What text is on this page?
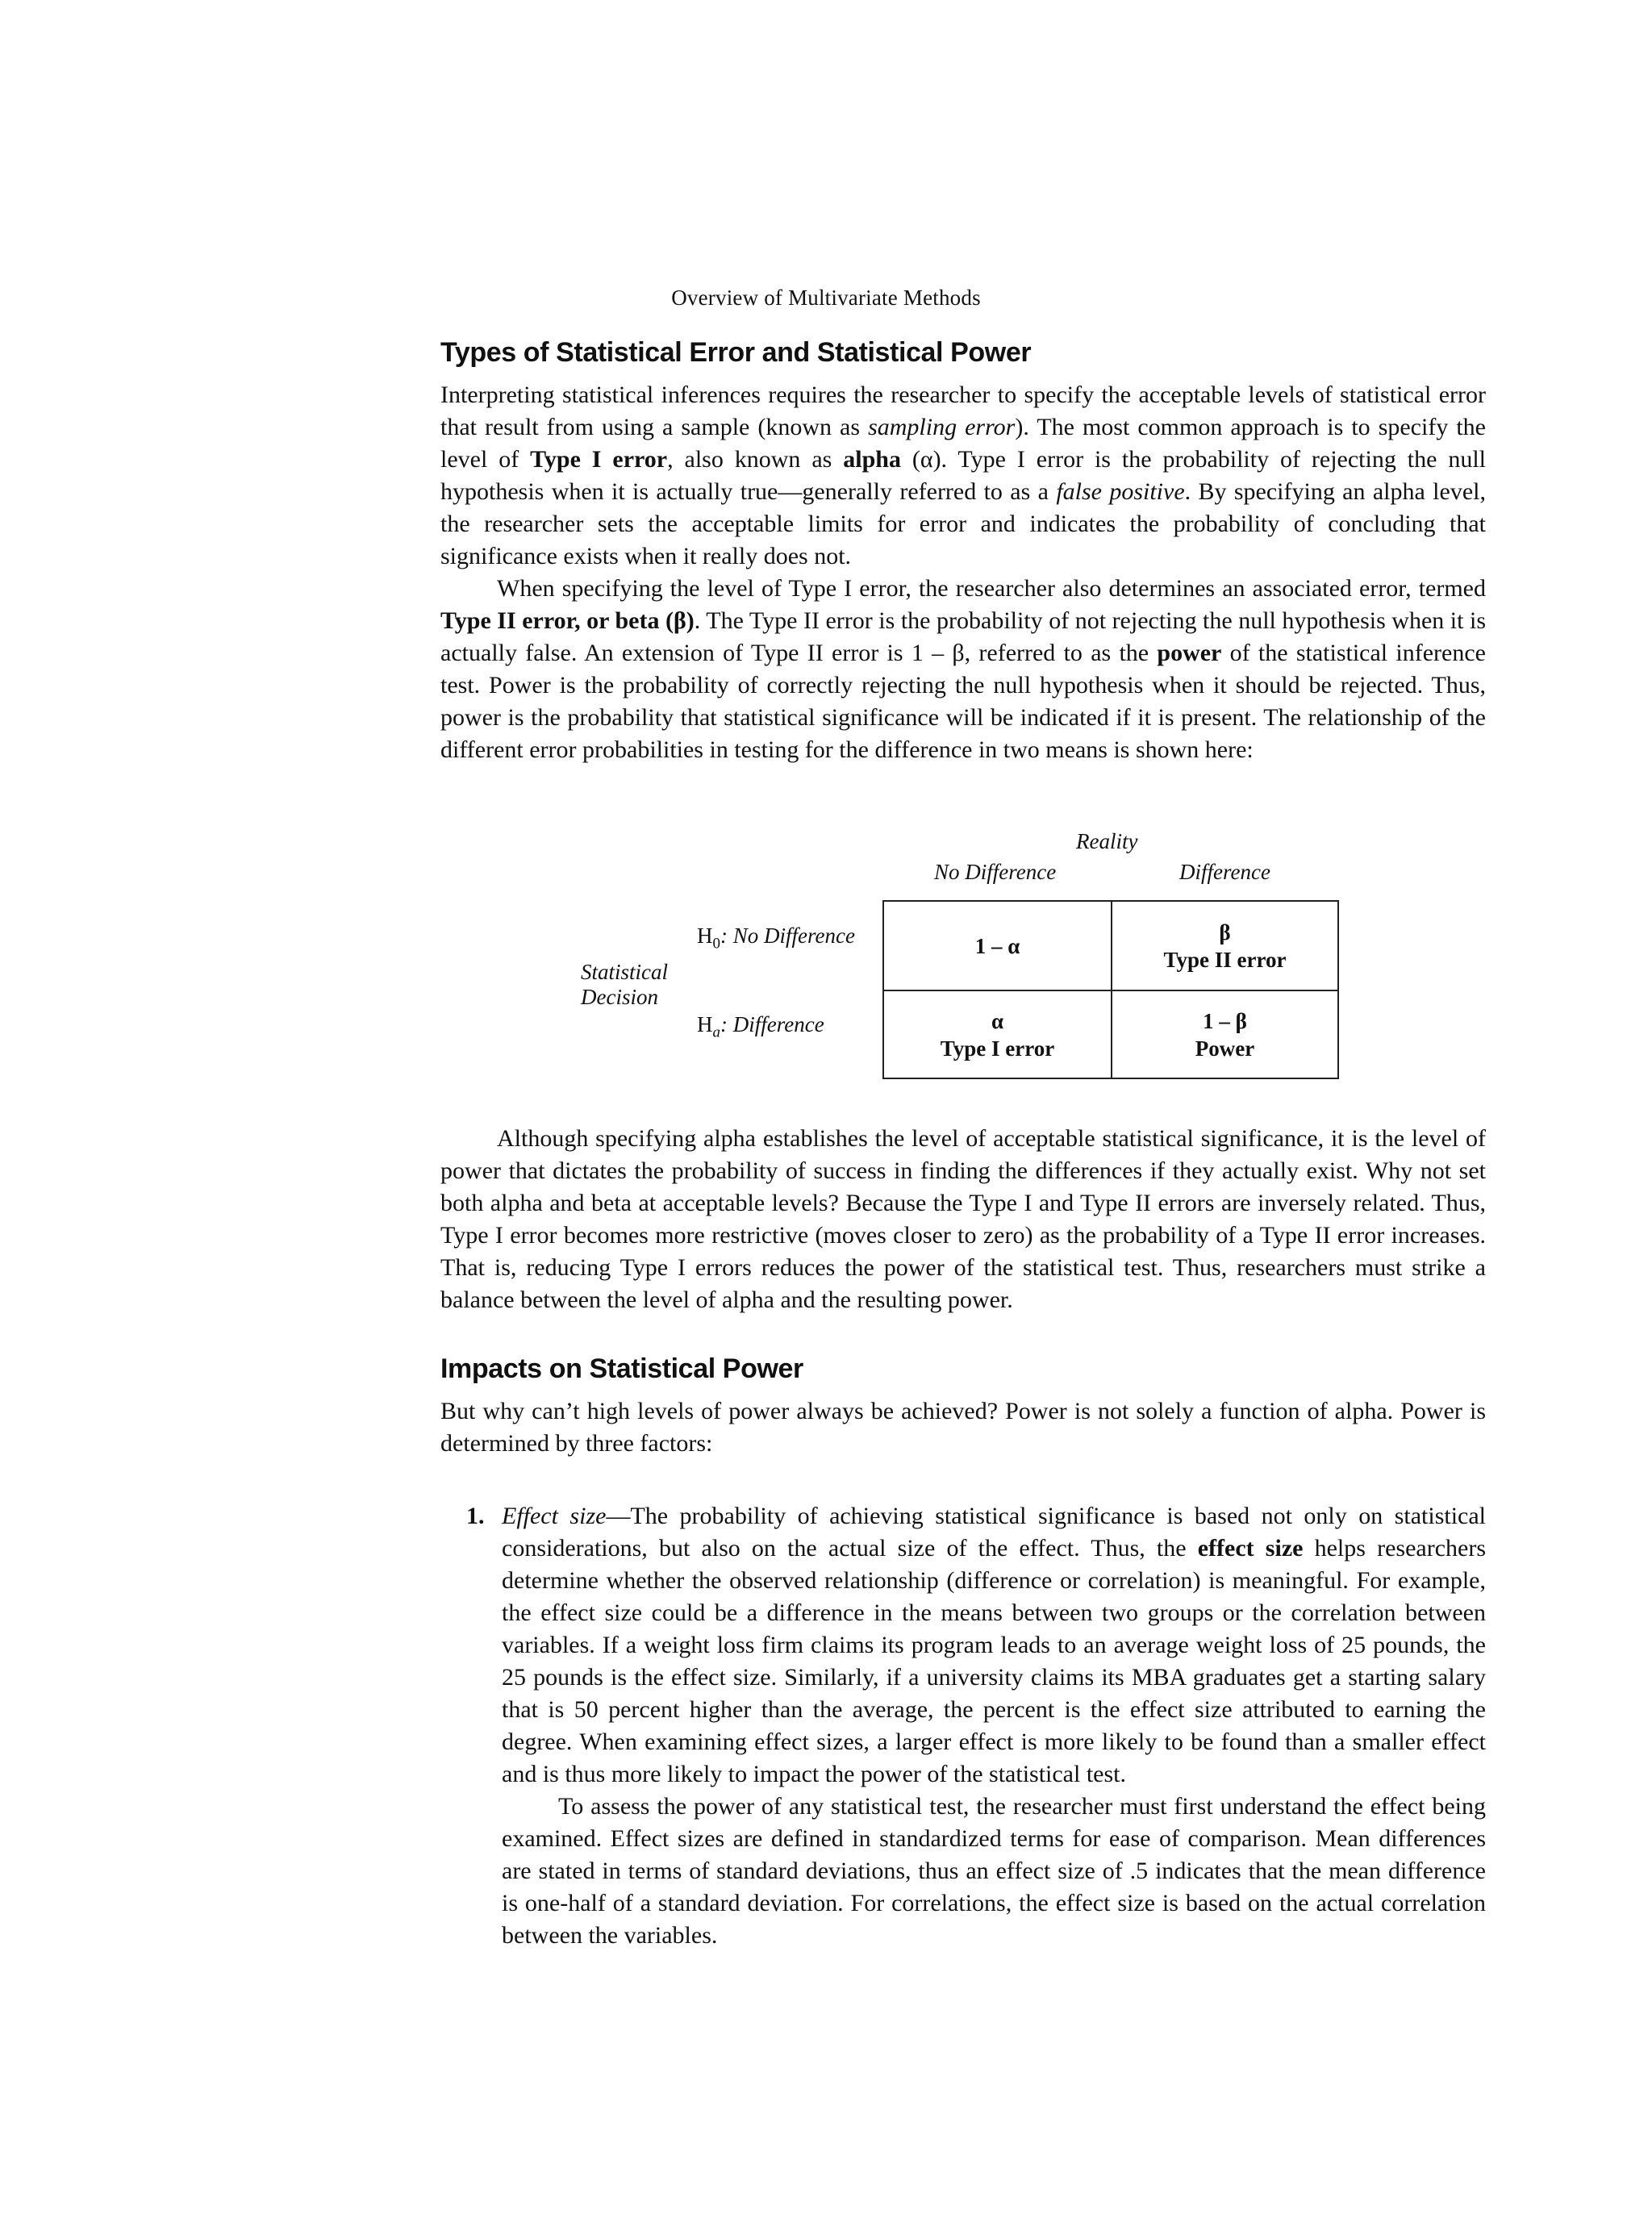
Overview of Multivariate Methods
Types of Statistical Error and Statistical Power

Interpreting statistical inferences requires the researcher to specify the acceptable levels of statistical error that result from using a sample (known as sampling error). The most common approach is to specify the level of Type I error, also known as alpha (α). Type I error is the probability of rejecting the null hypothesis when it is actually true—generally referred to as a false positive. By specifying an alpha level, the researcher sets the acceptable limits for error and indicates the probability of concluding that significance exists when it really does not.

When specifying the level of Type I error, the researcher also determines an associated error, termed Type II error, or beta (β). The Type II error is the probability of not rejecting the null hypothesis when it is actually false. An extension of Type II error is 1 – β, referred to as the power of the statistical inference test. Power is the probability of correctly rejecting the null hypothesis when it should be rejected. Thus, power is the probability that statistical significance will be indicated if it is present. The relationship of the different error probabilities in testing for the difference in two means is shown here:

Reality
No Difference	Difference
Statistical
Decision
$H_0$: No Difference
$H_a$: Difference
1 – α
β
Type II error
α
Type I error
1 – β
Power

Although specifying alpha establishes the level of acceptable statistical significance, it is the level of power that dictates the probability of success in finding the differences if they actually exist. Why not set both alpha and beta at acceptable levels? Because the Type I and Type II errors are inversely related. Thus, Type I error becomes more restrictive (moves closer to zero) as the probability of a Type II error increases. That is, reducing Type I errors reduces the power of the statistical test. Thus, researchers must strike a balance between the level of alpha and the resulting power.

Impacts on Statistical Power

But why can’t high levels of power always be achieved? Power is not solely a function of alpha. Power is determined by three factors:

1. Effect size—The probability of achieving statistical significance is based not only on statistical considerations, but also on the actual size of the effect. Thus, the effect size helps researchers determine whether the observed relationship (difference or correlation) is meaningful. For example, the effect size could be a difference in the means between two groups or the correlation between variables. If a weight loss firm claims its program leads to an average weight loss of 25 pounds, the 25 pounds is the effect size. Similarly, if a university claims its MBA graduates get a starting salary that is 50 percent higher than the average, the percent is the effect size attributed to earning the degree. When examining effect sizes, a larger effect is more likely to be found than a smaller effect and is thus more likely to impact the power of the statistical test.

To assess the power of any statistical test, the researcher must first understand the effect being examined. Effect sizes are defined in standardized terms for ease of comparison. Mean differences are stated in terms of standard deviations, thus an effect size of .5 indicates that the mean difference is one-half of a standard deviation. For correlations, the effect size is based on the actual correlation between the variables.
